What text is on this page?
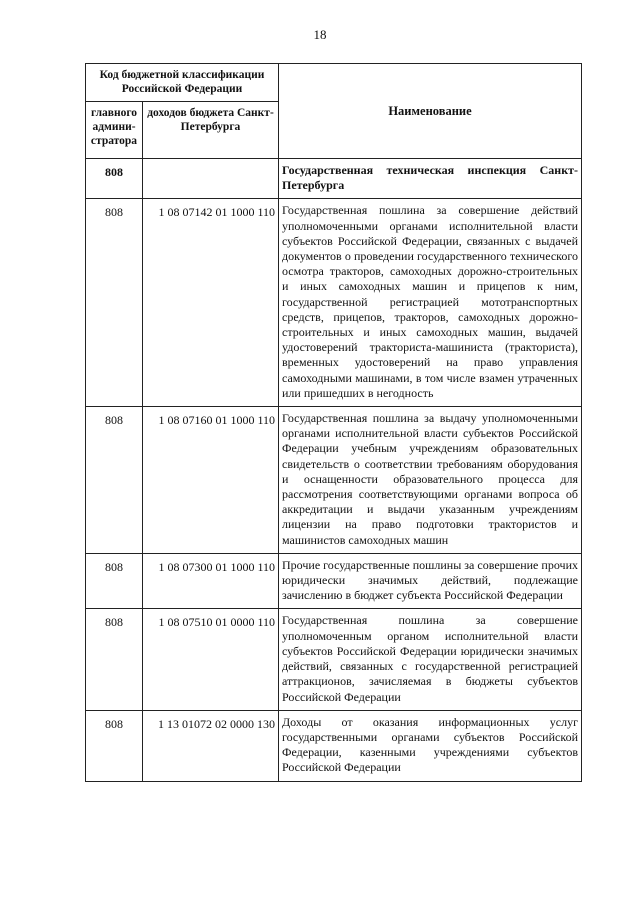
18
Код бюджетной классификации Российской Федерации		Наименование
главного админи-стратора	доходов бюджета Санкт-Петербурга	
808		Государственная техническая инспекция Санкт-Петербурга

808	1 08 07142 01 1000 110	Государственная пошлина за совершение действий уполномоченными органами исполнительной власти субъектов Российской Федерации, связанных с выдачей документов о проведении государственного технического осмотра тракторов, самоходных дорожно-строительных и иных самоходных машин и прицепов к ним, государственной регистрацией мототранспортных средств, прицепов, тракторов, самоходных дорожно-строительных и иных самоходных машин, выдачей удостоверений тракториста-машиниста (тракториста), временных удостоверений на право управления самоходными машинами, в том числе взамен утраченных или пришедших в негодность

808	1 08 07160 01 1000 110	Государственная пошлина за выдачу уполномоченными органами исполнительной власти субъектов Российской Федерации учебным учреждениям образовательных свидетельств о соответствии требованиям оборудования и оснащенности образовательного процесса для рассмотрения соответствующими органами вопроса об аккредитации и выдачи указанным учреждениям лицензии на право подготовки трактористов и машинистов самоходных машин

808	1 08 07300 01 1000 110	Прочие государственные пошлины за совершение прочих юридически значимых действий, подлежащие зачислению в бюджет субъекта Российской Федерации

808	1 08 07510 01 0000 110	Государственная пошлина за совершение уполномоченным органом исполнительной власти субъектов Российской Федерации юридически значимых действий, связанных с государственной регистрацией аттракционов, зачисляемая в бюджеты субъектов Российской Федерации

808	1 13 01072 02 0000 130	Доходы от оказания информационных услуг государственными органами субъектов Российской Федерации, казенными учреждениями субъектов Российской Федерации
